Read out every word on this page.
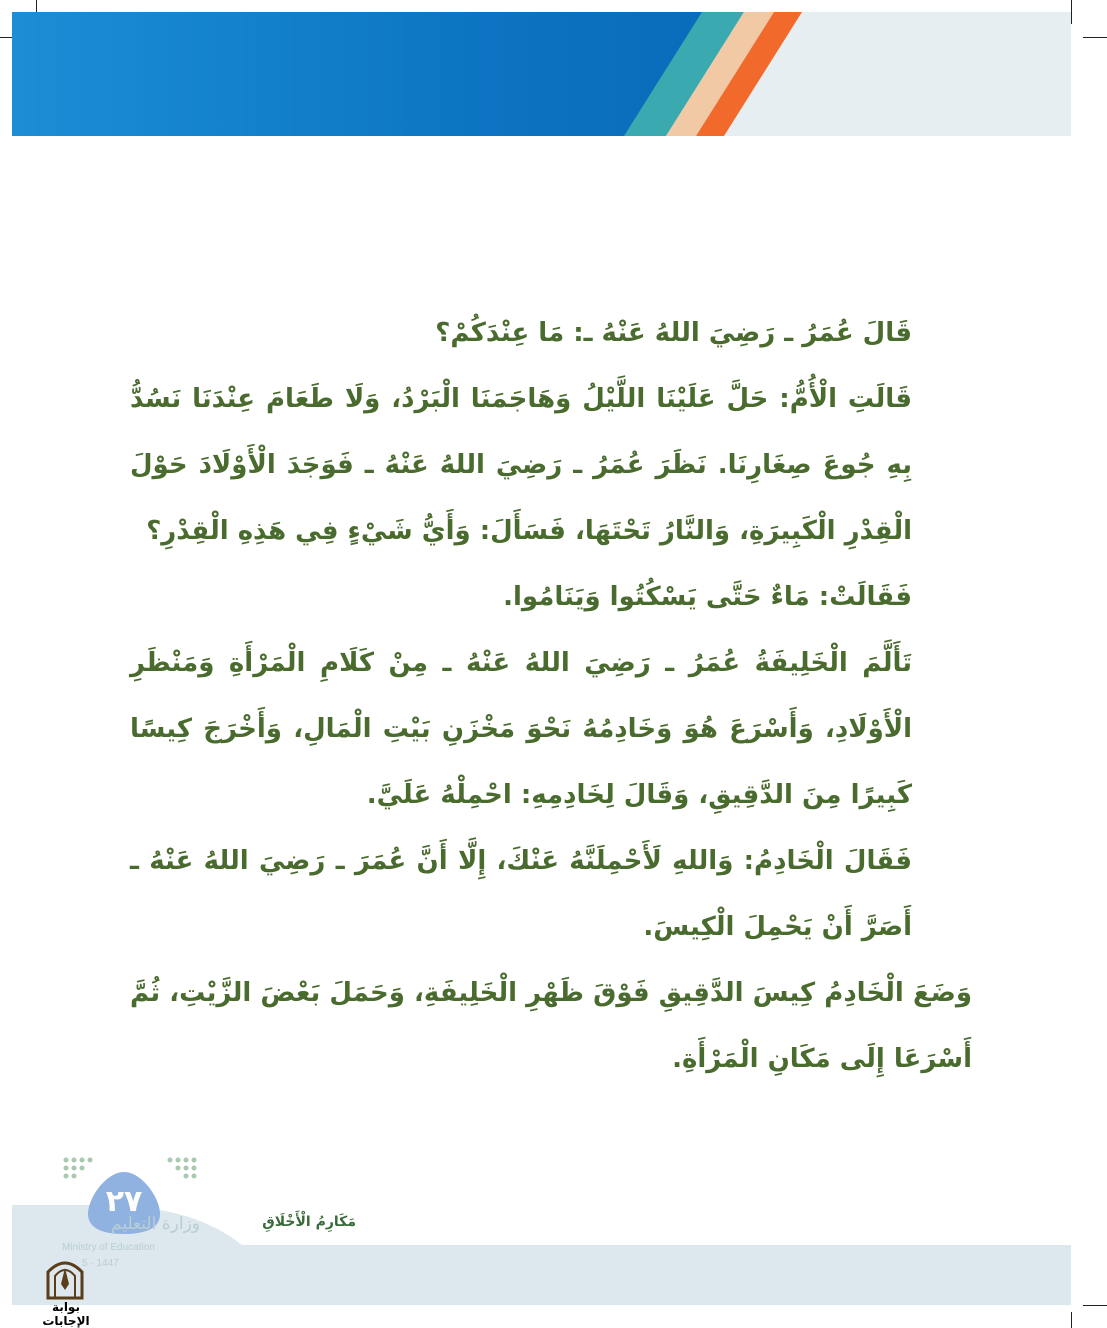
قَالَ عُمَرُ ـ رَضِيَ اللهُ عَنْهُ ـ: مَا عِنْدَكُمْ؟

قَالَتِ الْأُمُّ: حَلَّ عَلَيْنَا اللَّيْلُ وَهَاجَمَنَا الْبَرْدُ، وَلَا طَعَامَ عِنْدَنَا نَسُدُّ بِهِ جُوعَ صِغَارِنَا. نَظَرَ عُمَرُ ـ رَضِيَ اللهُ عَنْهُ ـ فَوَجَدَ الْأَوْلَادَ حَوْلَ الْقِدْرِ الْكَبِيرَةِ، وَالنَّارُ تَحْتَهَا، فَسَأَلَ: وَأَيُّ شَيْءٍ فِي هَذِهِ الْقِدْرِ؟

فَقَالَتْ: مَاءٌ حَتَّى يَسْكُتُوا وَيَنَامُوا.

تَأَلَّمَ الْخَلِيفَةُ عُمَرُ ـ رَضِيَ اللهُ عَنْهُ ـ مِنْ كَلَامِ الْمَرْأَةِ وَمَنْظَرِ الْأَوْلَادِ، وَأَسْرَعَ هُوَ وَخَادِمُهُ نَحْوَ مَخْزَنِ بَيْتِ الْمَالِ، وَأَخْرَجَ كِيسًا كَبِيرًا مِنَ الدَّقِيقِ، وَقَالَ لِخَادِمِهِ: احْمِلْهُ عَلَيَّ.

فَقَالَ الْخَادِمُ: وَاللهِ لَأَحْمِلَنَّهُ عَنْكَ، إِلَّا أَنَّ عُمَرَ ـ رَضِيَ اللهُ عَنْهُ ـ أَصَرَّ أَنْ يَحْمِلَ الْكِيسَ.

وَضَعَ الْخَادِمُ كِيسَ الدَّقِيقِ فَوْقَ ظَهْرِ الْخَلِيفَةِ، وَحَمَلَ بَعْضَ الزَّيْتِ، ثُمَّ أَسْرَعَا إِلَى مَكَانِ الْمَرْأَةِ.

٢٧
وزارة التعليم
Ministry of Education
5 - 1447
مَكَارِمُ الْأَخْلَاقِ
بوابة الإجابات
